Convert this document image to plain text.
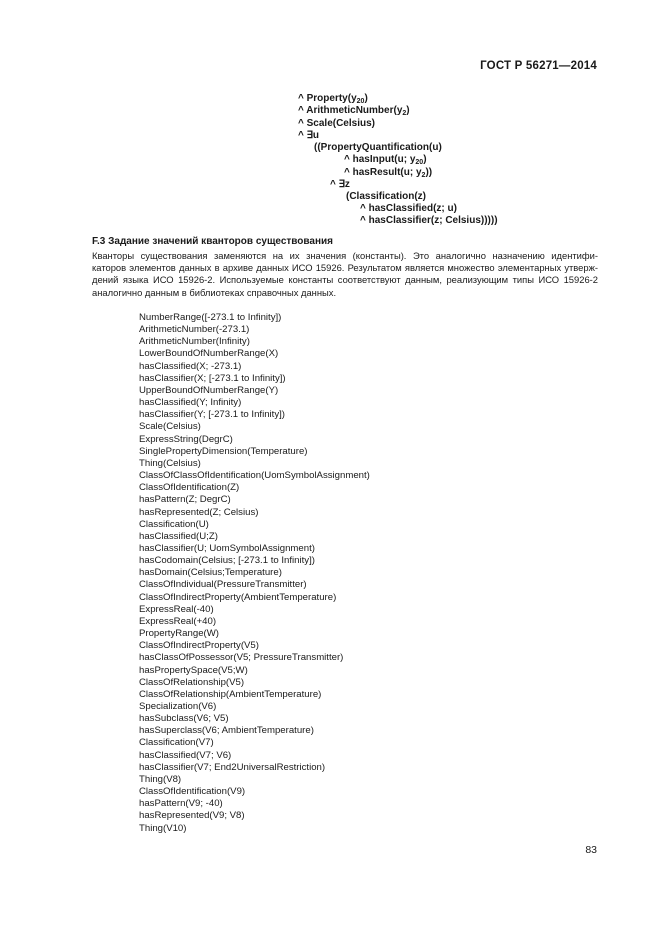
ГОСТ Р 56271—2014
^ $Property(y_{20})$
^ $ArithmeticNumber(y_2)$
^ Scale(Celsius)
^ ∃u
((PropertyQuantification(u)
^ hasInput(u; $y_{20}$)
^ hasResult(u; $y_2$))
^ ∃z
(Classification(z)
^ hasClassified(z; u)
^ hasClassifier(z; Celsius)))))
F.3 Задание значений кванторов существования
Кванторы существования заменяются на их значения (константы). Это аналогично назначению идентифи-
каторов элементов данных в архиве данных ИСО 15926. Результатом является множество элементарных утверж-
дений языка ИСО 15926-2. Используемые константы соответствуют данным, реализующим типы ИСО 15926-2
аналогично данным в библиотеках справочных данных.
NumberRange([-273.1 to Infinity])
ArithmeticNumber(-273.1)
ArithmeticNumber(Infinity)
LowerBoundOfNumberRange(X)
hasClassified(X; -273.1)
hasClassifier(X; [-273.1 to Infinity])
UpperBoundOfNumberRange(Y)
hasClassified(Y; Infinity)
hasClassifier(Y; [-273.1 to Infinity])
Scale(Celsius)
ExpressString(DegrC)
SinglePropertyDimension(Temperature)
Thing(Celsius)
ClassOfClassOfIdentification(UomSymbolAssignment)
ClassOfIdentification(Z)
hasPattern(Z; DegrC)
hasRepresented(Z; Celsius)
Classification(U)
hasClassified(U;Z)
hasClassifier(U; UomSymbolAssignment)
hasCodomain(Celsius; [-273.1 to Infinity])
hasDomain(Celsius;Temperature)
ClassOfIndividual(PressureTransmitter)
ClassOfIndirectProperty(AmbientTemperature)
ExpressReal(-40)
ExpressReal(+40)
PropertyRange(W)
ClassOfIndirectProperty(V5)
hasClassOfPossessor(V5; PressureTransmitter)
hasPropertySpace(V5;W)
ClassOfRelationship(V5)
ClassOfRelationship(AmbientTemperature)
Specialization(V6)
hasSubclass(V6; V5)
hasSuperclass(V6; AmbientTemperature)
Classification(V7)
hasClassified(V7; V6)
hasClassifier(V7; End2UniversalRestriction)
Thing(V8)
ClassOfIdentification(V9)
hasPattern(V9; -40)
hasRepresented(V9; V8)
Thing(V10)
83
